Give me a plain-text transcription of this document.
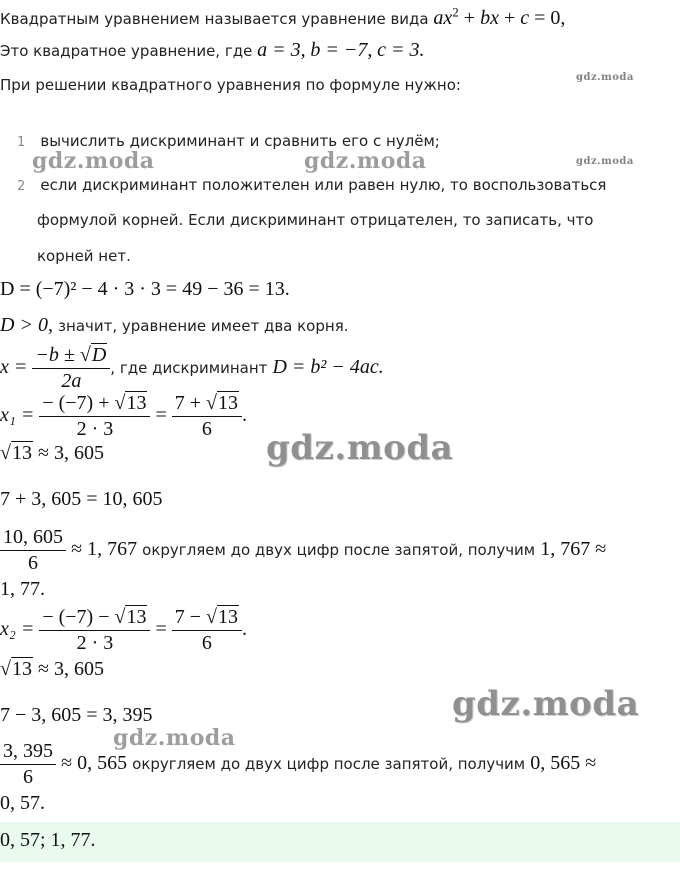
Квадратным уравнением называется уравнение вида $ax^2$ + bx + c = 0,
Это квадратное уравнение, где a = 3, b = −7, c = 3.
При решении квадратного уравнения по формуле нужно:
1 вычислить дискриминант и сравнить его с нулём;
2 если дискриминант положителен или равен нулю, то воспользоваться
формулой корней. Если дискриминант отрицателен, то записать, что
корней нет.
D = (−7)² − 4 · 3 · 3 = 49 − 36 = 13.
D > 0, значит, уравнение имеет два корня.
$x = \frac{-b \pm √D}{2a}$ , где дискриминант D = b² − 4ac.
$x_1 = \frac{- (-7) + √13}{2 \cdot 3} = \frac{7 + √13}{6}$ .
√13 ≈ 3, 605
7 + 3, 605 = 10, 605
$\frac{10, 605}{6} \approx 1$, 767 округляем до двух цифр после запятой, получим 1, 767 ≈
1, 77.
$x_2 = \frac{- (-7) - √13}{2 \cdot 3} = \frac{7 - √13}{6}$ .
√13 ≈ 3, 605
7 − 3, 605 = 3, 395
$\frac{3, 395}{6} \approx 0$, 565 округляем до двух цифр после запятой, получим 0, 565 ≈
0, 57.
0, 57; 1, 77.
gdz.moda
gdz.moda	gdz.moda	gdz.moda
gdz.moda
gdz.moda
gdz.moda
